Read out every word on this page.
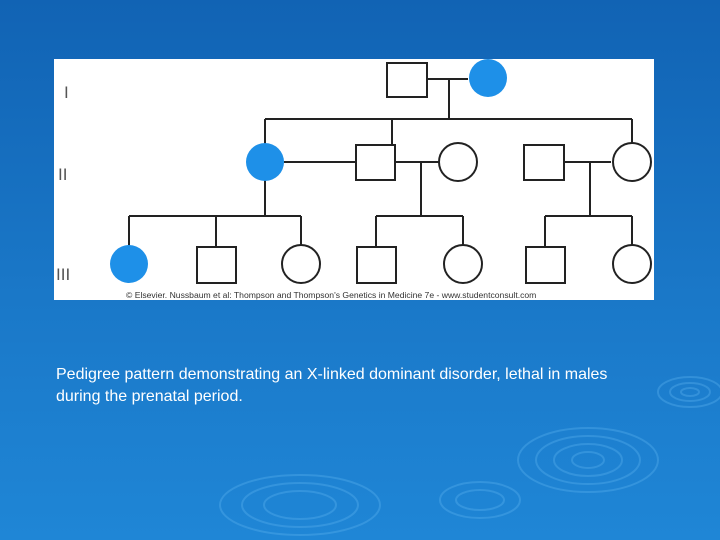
I
II
III
© Elsevier. Nussbaum et al: Thompson and Thompson's Genetics in Medicine 7e - www.studentconsult.com
Pedigree pattern demonstrating an X-linked dominant disorder, lethal in males during the prenatal period.
